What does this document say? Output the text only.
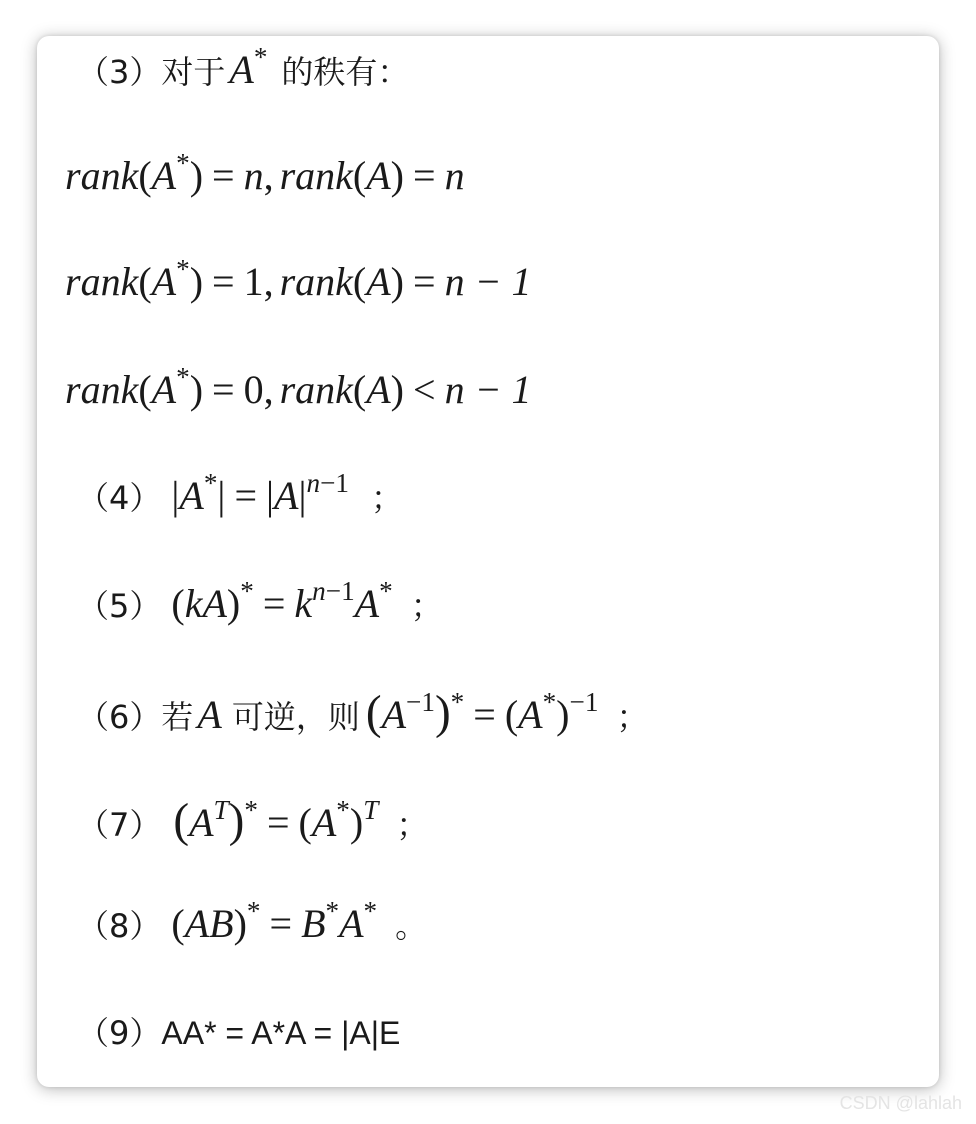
（3）对于 A* 的秩有：
rank(A*) = n, rank(A) = n
rank(A*) = 1, rank(A) = n − 1
rank(A*) = 0, rank(A) < n − 1
（4） $|A^*| = |A|^{n-1}$ ；
（5） $(kA)^* = k^{n-1}A^*$ ；
（6）若 A 可逆，则 $(A^{-1})^* = (A^*)^{-1}$ ；
（7） $(A^T)^* = (A^*)^T$ ；
（8） (AB)* = B*A* 。
（9）AA* = A*A = |A|E
CSDN @lahlah
